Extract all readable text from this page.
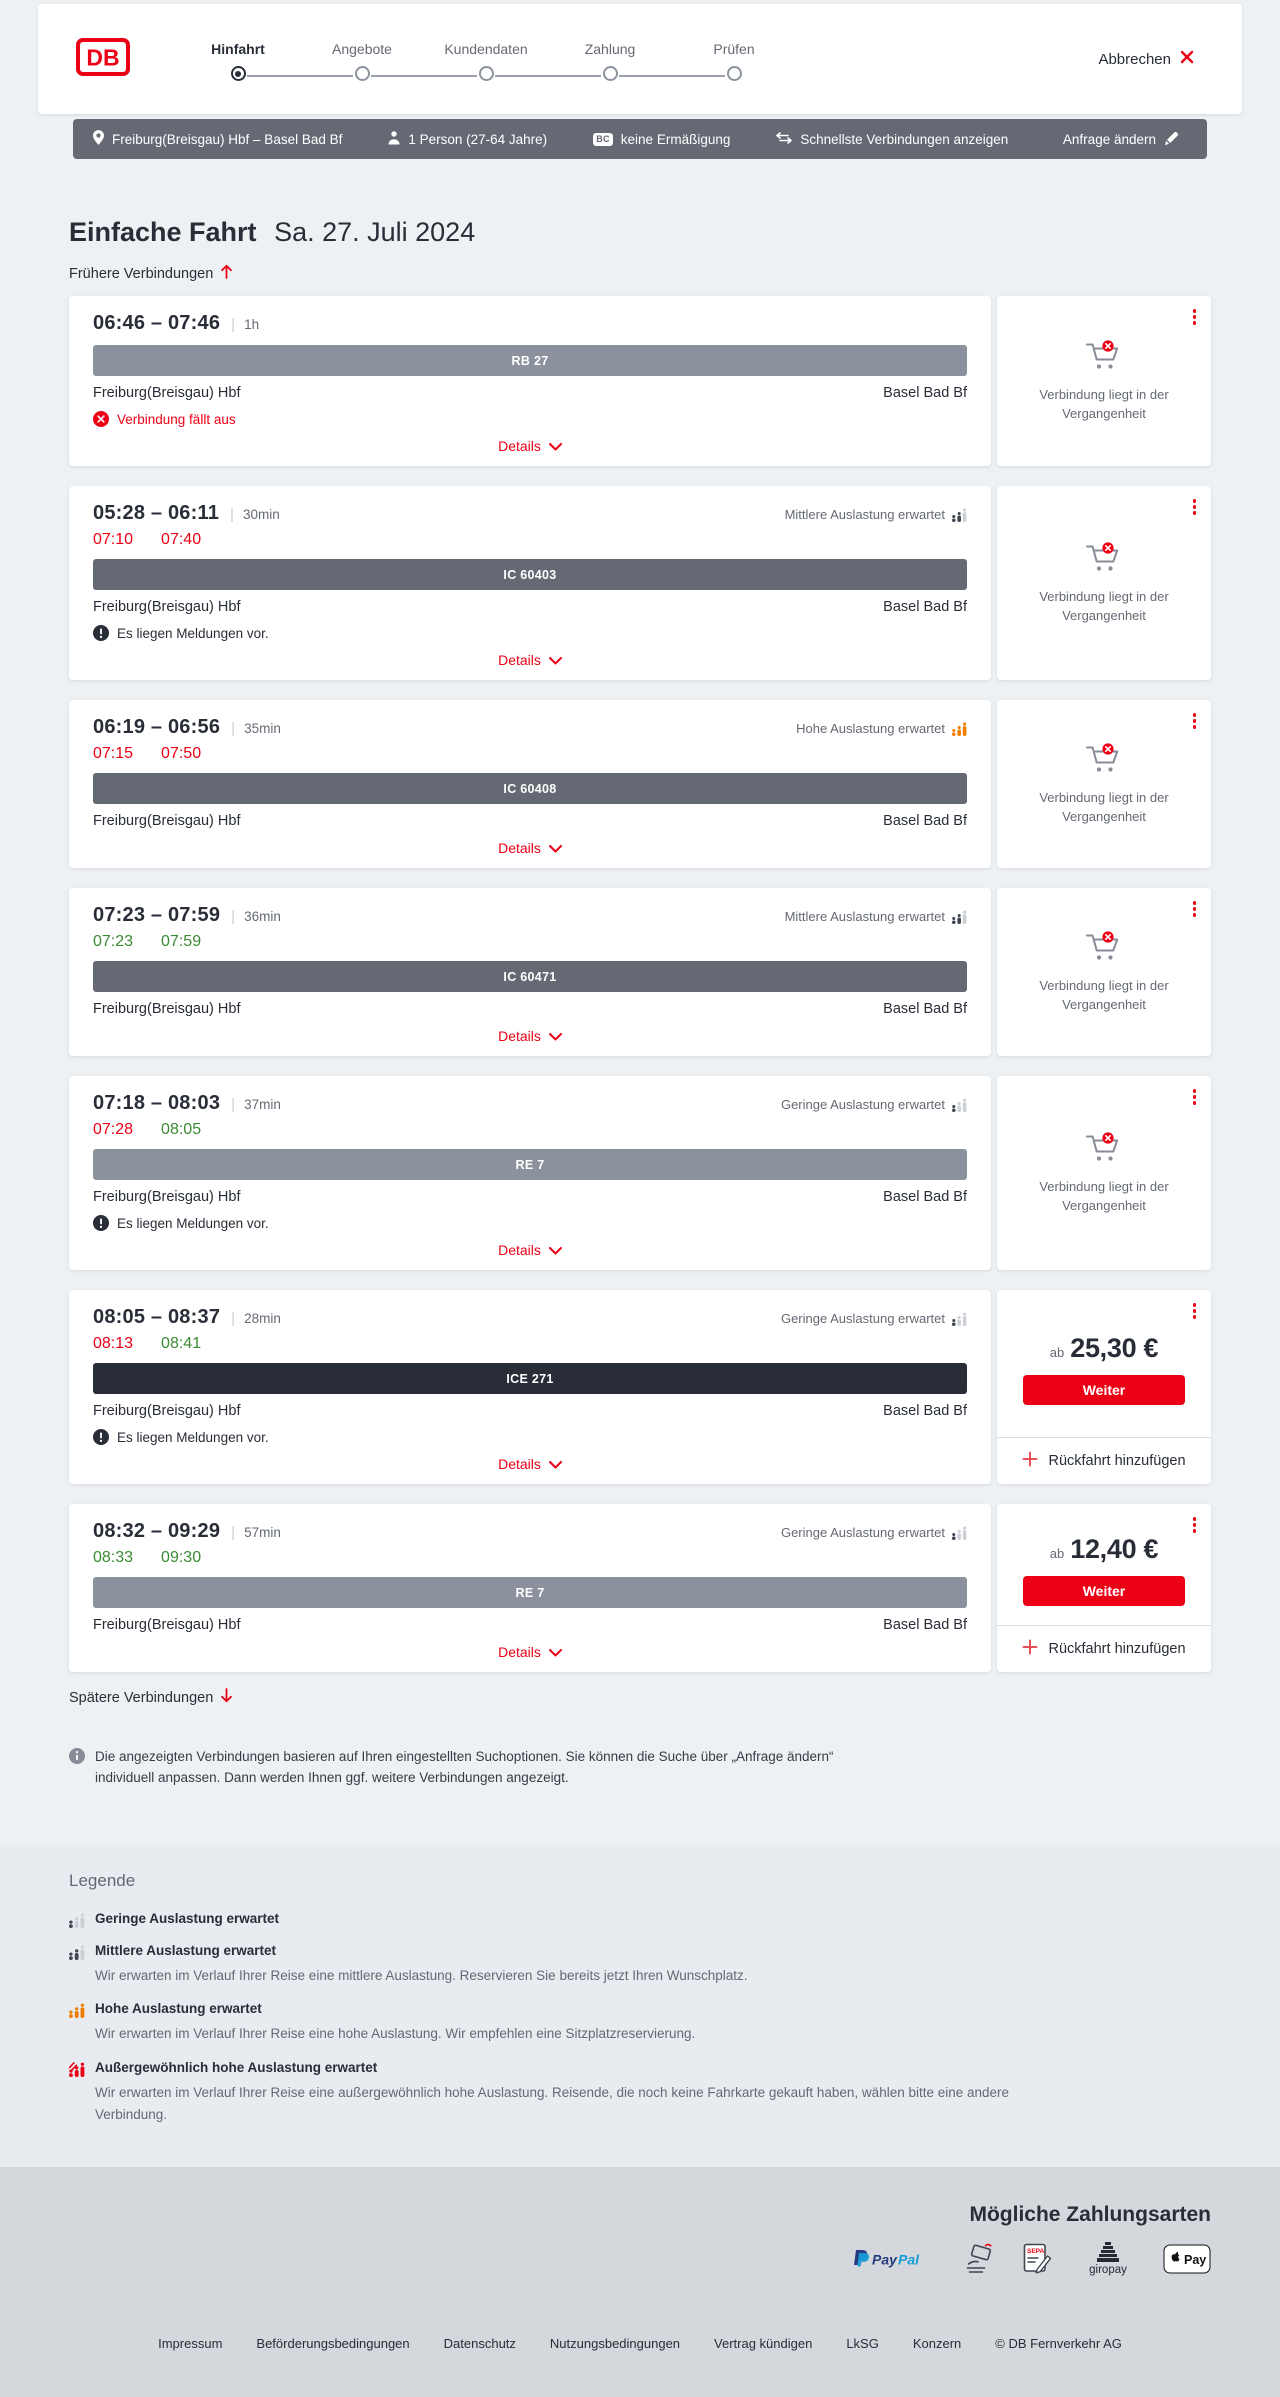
DB	Hinfahrt	Angebote	Kundendaten	Zahlung	Prüfen
Abbrechen
Freiburg(Breisgau) Hbf – Basel Bad Bf	1 Person (27-64 Jahre)	BC keine Ermäßigung	Schnellste Verbindungen anzeigen	Anfrage ändern
Einfache Fahrt Sa. 27. Juli 2024
Frühere Verbindungen
06:46 – 07:46 | 1h
RB 27
Freiburg(Breisgau) Hbf	Basel Bad Bf
Verbindung fällt aus
Details

Verbindung liegt in der Vergangenheit

05:28 – 06:11 | 30min	Mittlere Auslastung erwartet
07:10 07:40
IC 60403
Freiburg(Breisgau) Hbf	Basel Bad Bf
Es liegen Meldungen vor.
Details

Verbindung liegt in der Vergangenheit

06:19 – 06:56 | 35min	Hohe Auslastung erwartet
07:15 07:50
IC 60408
Freiburg(Breisgau) Hbf	Basel Bad Bf
Details

Verbindung liegt in der Vergangenheit

07:23 – 07:59 | 36min	Mittlere Auslastung erwartet
07:23 07:59
IC 60471
Freiburg(Breisgau) Hbf	Basel Bad Bf
Details

Verbindung liegt in der Vergangenheit

07:18 – 08:03 | 37min	Geringe Auslastung erwartet
07:28 08:05
RE 7
Freiburg(Breisgau) Hbf	Basel Bad Bf
Es liegen Meldungen vor.
Details

Verbindung liegt in der Vergangenheit

08:05 – 08:37 | 28min	Geringe Auslastung erwartet
08:13 08:41
ICE 271
Freiburg(Breisgau) Hbf	Basel Bad Bf
Es liegen Meldungen vor.
Details
ab 25,30 €
Weiter
Rückfahrt hinzufügen
08:32 – 09:29 | 57min	Geringe Auslastung erwartet
08:33 09:30
RE 7
Freiburg(Breisgau) Hbf	Basel Bad Bf
Details
ab 12,40 €
Weiter
Rückfahrt hinzufügen
Spätere Verbindungen

Die angezeigten Verbindungen basieren auf Ihren eingestellten Suchoptionen. Sie können die Suche über „Anfrage ändern“ individuell anpassen. Dann werden Ihnen ggf. weitere Verbindungen angezeigt.

Legende

Geringe Auslastung erwartet

Mittlere Auslastung erwartet

Wir erwarten im Verlauf Ihrer Reise eine mittlere Auslastung. Reservieren Sie bereits jetzt Ihren Wunschplatz.

Hohe Auslastung erwartet

Wir erwarten im Verlauf Ihrer Reise eine hohe Auslastung. Wir empfehlen eine Sitzplatzreservierung.

Außergewöhnlich hohe Auslastung erwartet

Wir erwarten im Verlauf Ihrer Reise eine außergewöhnlich hohe Auslastung. Reisende, die noch keine Fahrkarte gekauft haben, wählen bitte eine andere Verbindung.

Mögliche Zahlungsarten
Pay Pal	SEPA
giropay
Pay
Impressum	Beförderungsbedingungen	Datenschutz	Nutzungsbedingungen	Vertrag kündigen	LkSG	Konzern	© DB Fernverkehr AG
